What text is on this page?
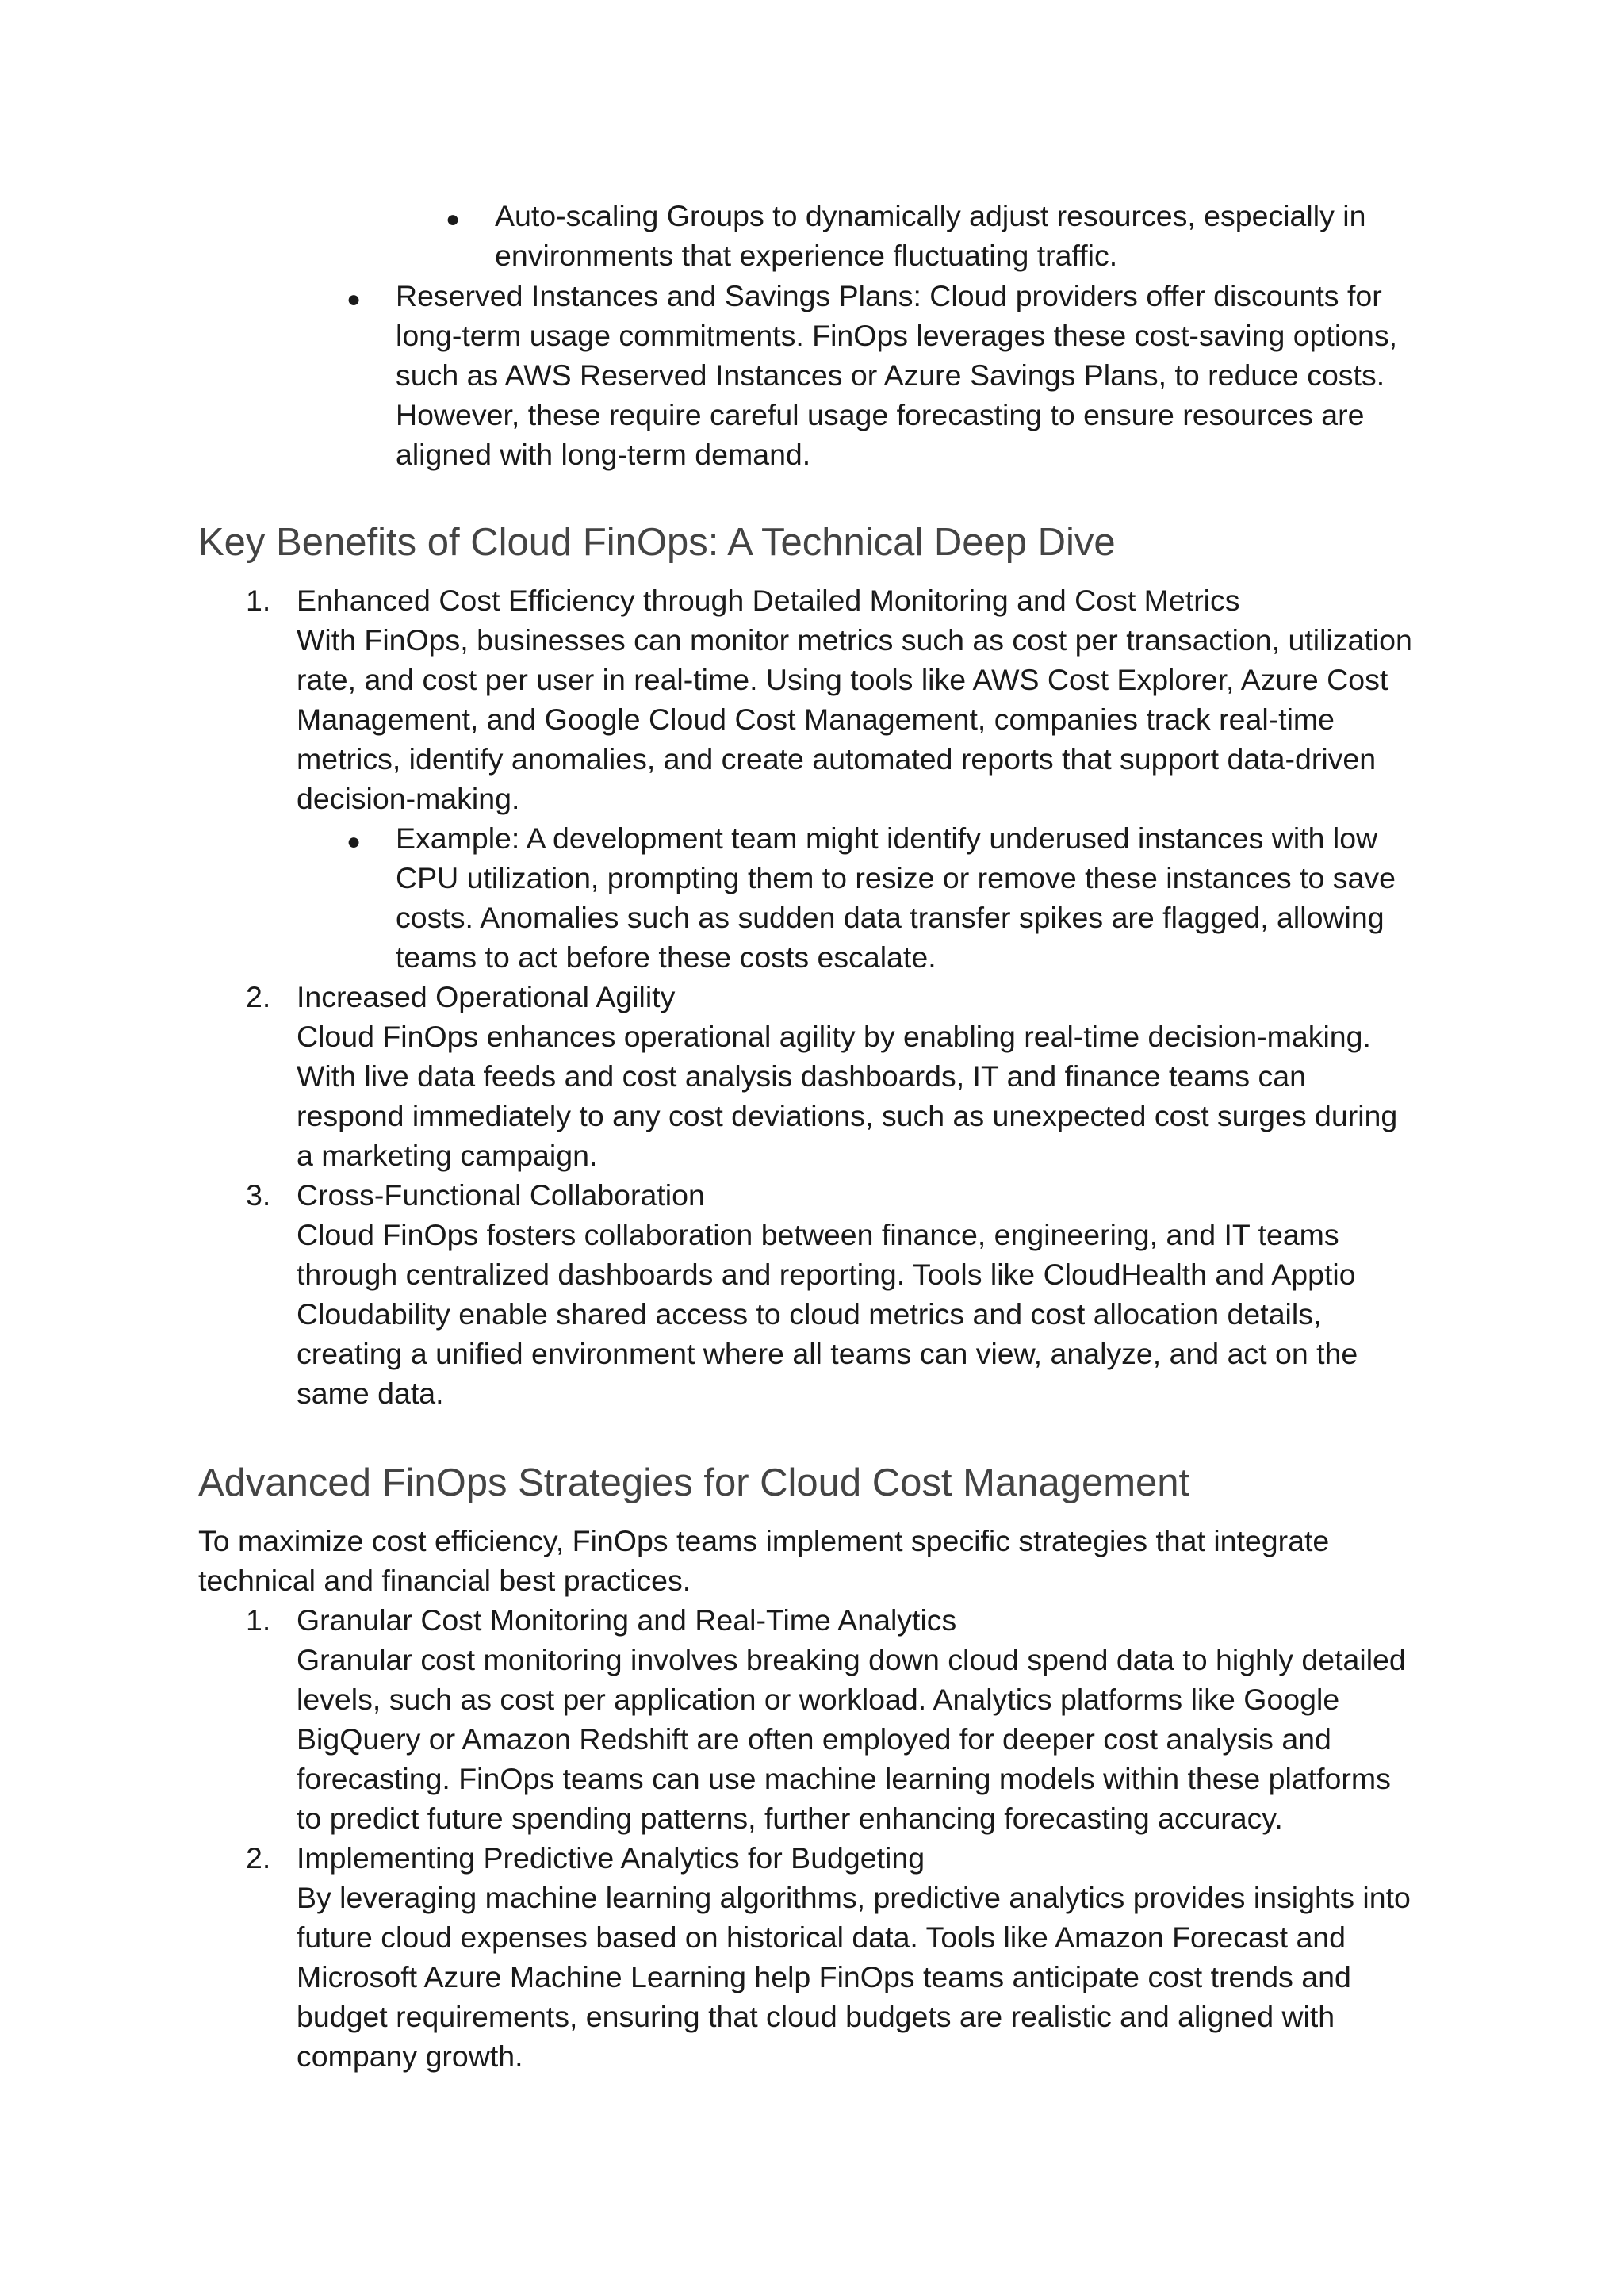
● Auto-scaling Groups to dynamically adjust resources, especially in
environments that experience fluctuating traffic.
● Reserved Instances and Savings Plans: Cloud providers offer discounts for
long-term usage commitments. FinOps leverages these cost-saving options,
such as AWS Reserved Instances or Azure Savings Plans, to reduce costs.
However, these require careful usage forecasting to ensure resources are
aligned with long-term demand.
Key Benefits of Cloud FinOps: A Technical Deep Dive
1. Enhanced Cost Efficiency through Detailed Monitoring and Cost Metrics
With FinOps, businesses can monitor metrics such as cost per transaction, utilization
rate, and cost per user in real-time. Using tools like AWS Cost Explorer, Azure Cost
Management, and Google Cloud Cost Management, companies track real-time
metrics, identify anomalies, and create automated reports that support data-driven
decision-making.
● Example: A development team might identify underused instances with low
CPU utilization, prompting them to resize or remove these instances to save
costs. Anomalies such as sudden data transfer spikes are flagged, allowing
teams to act before these costs escalate.
2. Increased Operational Agility
Cloud FinOps enhances operational agility by enabling real-time decision-making.
With live data feeds and cost analysis dashboards, IT and finance teams can
respond immediately to any cost deviations, such as unexpected cost surges during
a marketing campaign.
3. Cross-Functional Collaboration
Cloud FinOps fosters collaboration between finance, engineering, and IT teams
through centralized dashboards and reporting. Tools like CloudHealth and Apptio
Cloudability enable shared access to cloud metrics and cost allocation details,
creating a unified environment where all teams can view, analyze, and act on the
same data.
Advanced FinOps Strategies for Cloud Cost Management
To maximize cost efficiency, FinOps teams implement specific strategies that integrate
technical and financial best practices.
1. Granular Cost Monitoring and Real-Time Analytics
Granular cost monitoring involves breaking down cloud spend data to highly detailed
levels, such as cost per application or workload. Analytics platforms like Google
BigQuery or Amazon Redshift are often employed for deeper cost analysis and
forecasting. FinOps teams can use machine learning models within these platforms
to predict future spending patterns, further enhancing forecasting accuracy.
2. Implementing Predictive Analytics for Budgeting
By leveraging machine learning algorithms, predictive analytics provides insights into
future cloud expenses based on historical data. Tools like Amazon Forecast and
Microsoft Azure Machine Learning help FinOps teams anticipate cost trends and
budget requirements, ensuring that cloud budgets are realistic and aligned with
company growth.
